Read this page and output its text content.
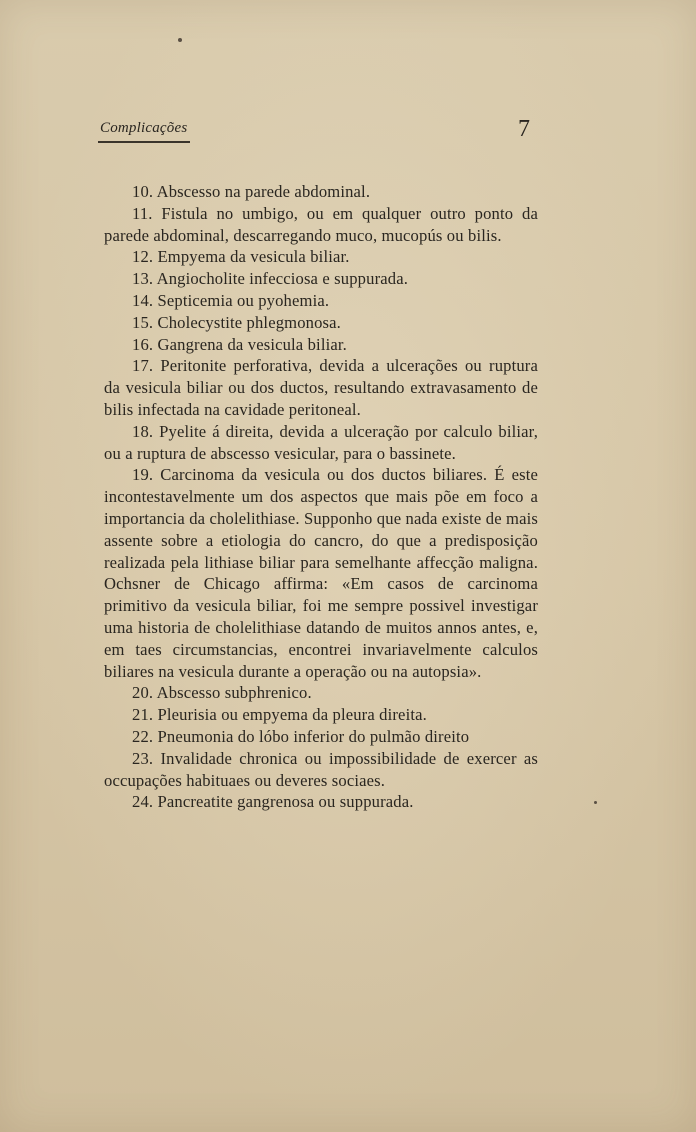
Complicações	7

10. Abscesso na parede abdominal.

11. Fistula no umbigo, ou em qualquer outro ponto da parede abdominal, descarregando muco, mucopús ou bilis.

12. Empyema da vesicula biliar.

13. Angiocholite infecciosa e suppurada.

14. Septicemia ou pyohemia.

15. Cholecystite phlegmonosa.

16. Gangrena da vesicula biliar.

17. Peritonite perforativa, devida a ulcerações ou ruptura da vesicula biliar ou dos ductos, resultando extravasamento de bilis infectada na cavidade peritoneal.

18. Pyelite á direita, devida a ulceração por calculo biliar, ou a ruptura de abscesso vesicular, para o bassinete.

19. Carcinoma da vesicula ou dos ductos biliares. É este incontestavelmente um dos aspectos que mais põe em foco a importancia da cholelithiase. Supponho que nada existe de mais assente sobre a etiologia do cancro, do que a predisposição realizada pela lithiase biliar para semelhante affecção maligna. Ochsner de Chicago affirma: «Em casos de carcinoma primitivo da vesicula biliar, foi me sempre possivel investigar uma historia de cholelithiase datando de muitos annos antes, e, em taes circumstancias, encontrei invariavelmente calculos biliares na vesicula durante a operação ou na autopsia».

20. Abscesso subphrenico.

21. Pleurisia ou empyema da pleura direita.

22. Pneumonia do lóbo inferior do pulmão direito

23. Invalidade chronica ou impossibilidade de exercer as occupações habituaes ou deveres sociaes.

24. Pancreatite gangrenosa ou suppurada.
